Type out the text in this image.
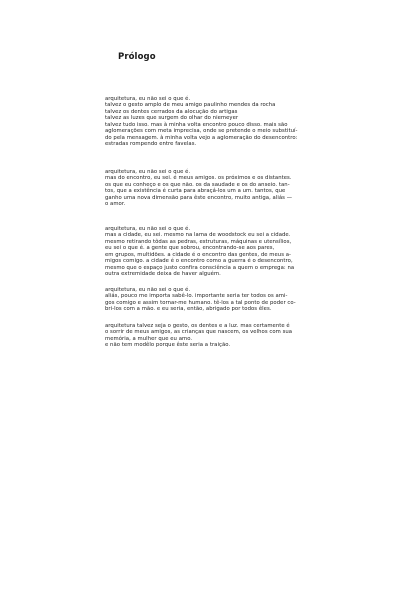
Prólogo
arquitetura, eu não sei o que é.
talvez o gesto amplo de meu amigo paulinho mendes da rocha
talvez os dentes cerrados da alocução do artigas
talvez as luzes que surgem do olhar do niemeyer
talvez tudo isso. mas à minha volta encontro pouco disso. mais são
aglomerações com meta imprecisa, onde se pretende o meio substituí-
do pela mensagem. à minha volta vejo a aglomeração do desencontro:
estradas rompendo entre favelas.
arquitetura, eu não sei o que é.
mas do encontro, eu sei. é meus amigos. os próximos e os distantes.
os que eu conheço e os que não. os da saudade e os do anseio. tan-
tos, que a existência é curta para abraçá-los um a um. tantos, que
ganho uma nova dimensão para êste encontro, muito antiga, aliás —
o amor.
arquitetura, eu não sei o que é.
mas a cidade, eu sei. mesmo na lama de woodstock eu sei a cidade.
mesmo retirando tôdas as pedras, estruturas, máquinas e utensílios,
eu sei o que é. a gente que sobrou, encontrando-se aos pares,
em grupos, multidões. a cidade é o encontro das gentes, de meus a-
migos comigo. a cidade é o encontro como a guerra é o desencontro,
mesmo que o espaço justo confira consciência a quem o emprega: na
outra extremidade deixa de haver alguém.
arquitetura, eu não sei o que é.
aliás, pouco me importa sabê-lo. importante seria ter todos os ami-
gos comigo e assim tornar-me humano. tê-los a tal ponto de poder co-
bri-los com a mão. e eu seria, então, abrigado por todos êles.
arquitetura talvez seja o gesto, os dentes e a luz. mas certamente é
o sorrir de meus amigos, as crianças que nascem, os velhos com sua
memória, a mulher que eu amo.
e não tem modêlo porque êste seria a traição.
